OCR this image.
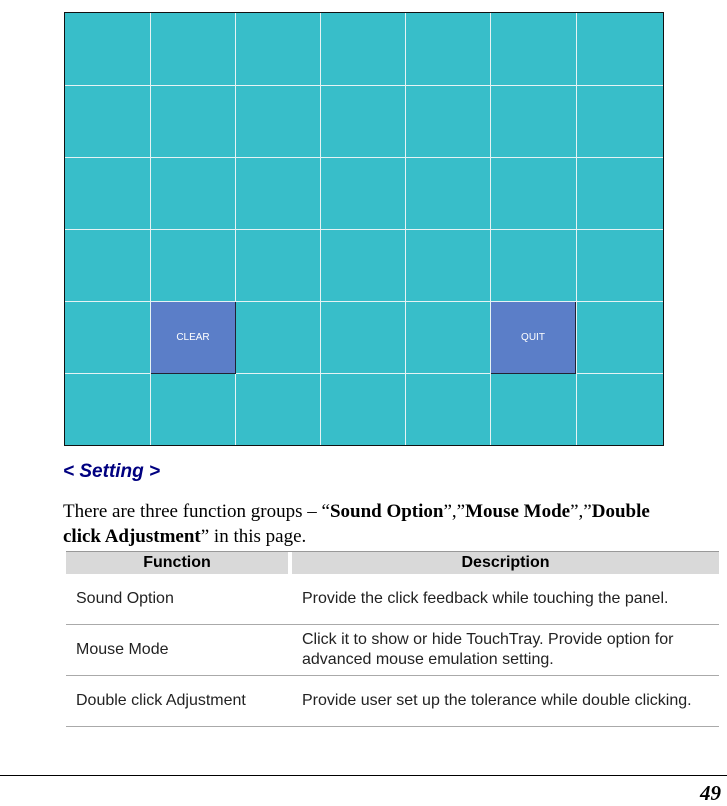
CLEAR	QUIT
< Setting >
There are three function groups – “Sound Option”,”Mouse Mode”,”Double click Adjustment” in this page.
Function		Description
Sound Option		Provide the click feedback while touching the panel.
Mouse Mode		Click it to show or hide TouchTray. Provide option for advanced mouse emulation setting.
Double click Adjustment		Provide user set up the tolerance while double clicking.
49
